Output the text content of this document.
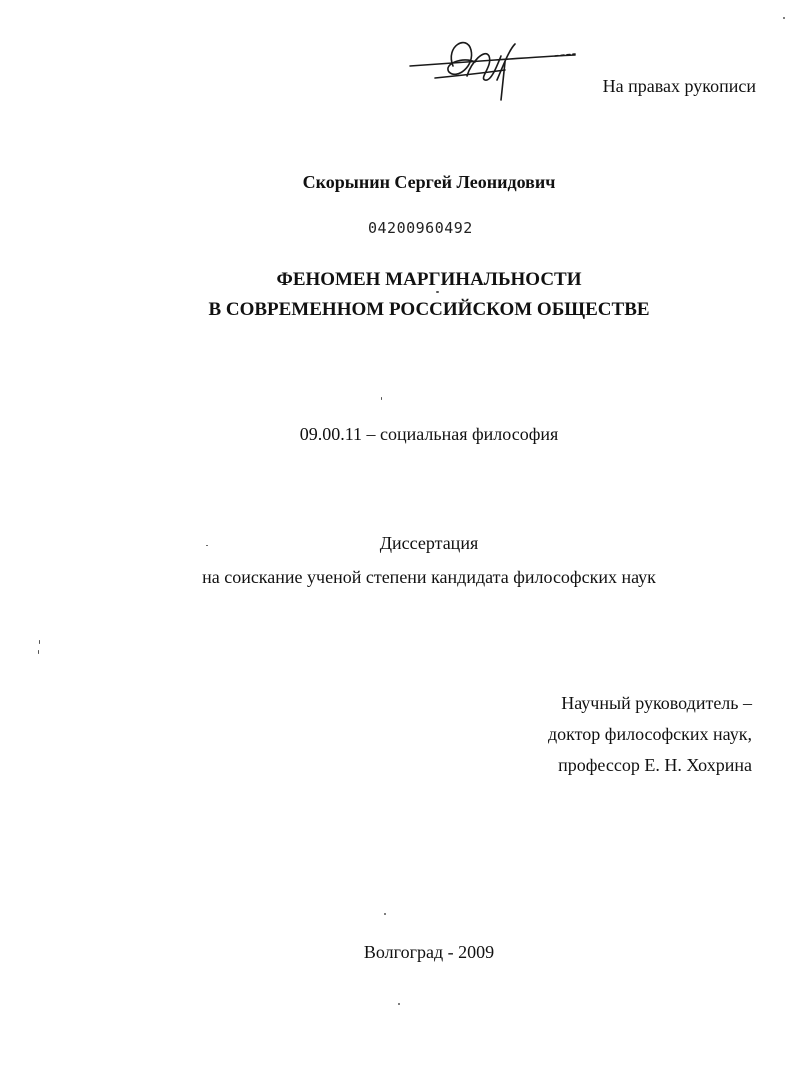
На правах рукописи
Скорынин Сергей Леонидович
04200960492
ФЕНОМЕН МАРГИНАЛЬНОСТИ
В СОВРЕМЕННОМ РОССИЙСКОМ ОБЩЕСТВЕ
09.00.11 – социальная философия
Диссертация
на соискание ученой степени кандидата философских наук
Научный руководитель –
доктор философских наук,
профессор Е. Н. Хохрина
Волгоград - 2009
